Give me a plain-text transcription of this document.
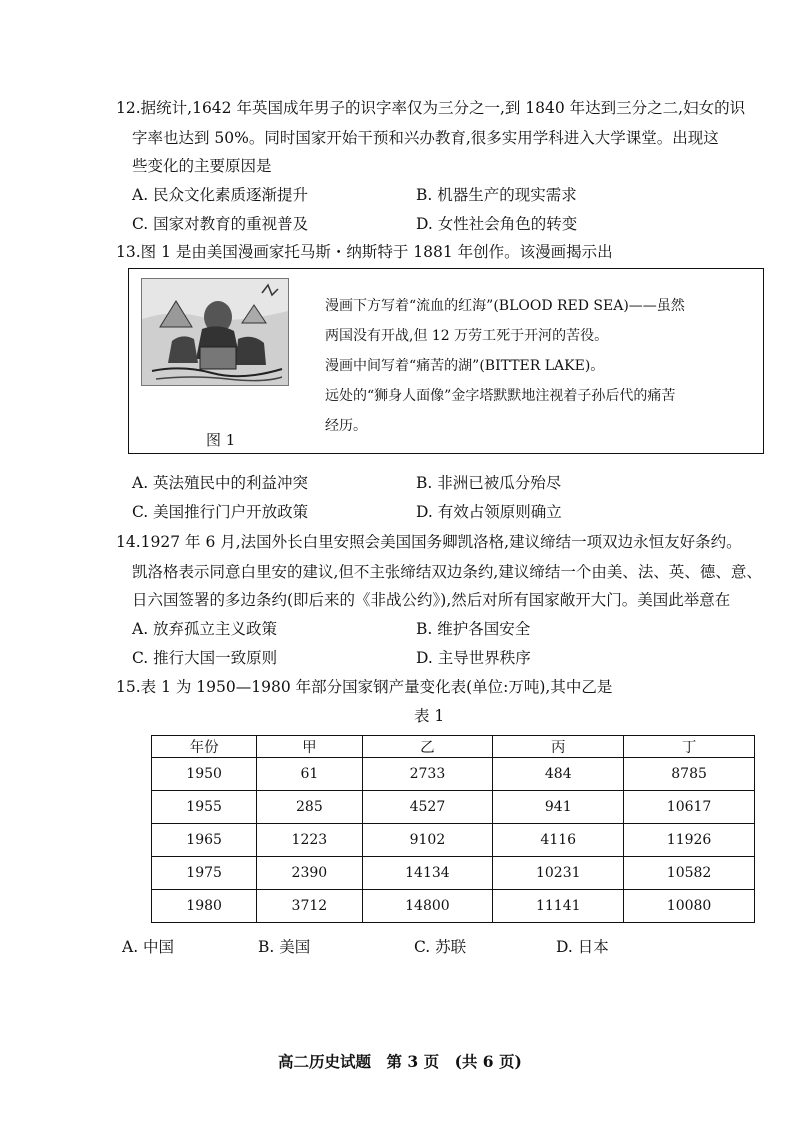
12.据统计,1642 年英国成年男子的识字率仅为三分之一,到 1840 年达到三分之二,妇女的识
字率也达到 50%。同时国家开始干预和兴办教育,很多实用学科进入大学课堂。出现这
些变化的主要原因是
A. 民众文化素质逐渐提升	B. 机器生产的现实需求
C. 国家对教育的重视普及	D. 女性社会角色的转变
13.图 1 是由美国漫画家托马斯・纳斯特于 1881 年创作。该漫画揭示出
图 1
漫画下方写着“流血的红海”(BLOOD RED SEA)——虽然
两国没有开战,但 12 万劳工死于开河的苦役。
漫画中间写着“痛苦的湖”(BITTER LAKE)。
远处的“狮身人面像”金字塔默默地注视着子孙后代的痛苦
经历。
A. 英法殖民中的利益冲突	B. 非洲已被瓜分殆尽
C. 美国推行门户开放政策	D. 有效占领原则确立
14.1927 年 6 月,法国外长白里安照会美国国务卿凯洛格,建议缔结一项双边永恒友好条约。
凯洛格表示同意白里安的建议,但不主张缔结双边条约,建议缔结一个由美、法、英、德、意、
日六国签署的多边条约(即后来的《非战公约》),然后对所有国家敞开大门。美国此举意在
A. 放弃孤立主义政策	B. 维护各国安全
C. 推行大国一致原则	D. 主导世界秩序
15.表 1 为 1950—1980 年部分国家钢产量变化表(单位:万吨),其中乙是
表 1
年份	甲	乙	丙	丁
1950	61	2733	484	8785
1955	285	4527	941	10617
1965	1223	9102	4116	11926
1975	2390	14134	10231	10582
1980	3712	14800	11141	10080
A. 中国	B. 美国	C. 苏联	D. 日本
高二历史试题　第 3 页　(共 6 页)
